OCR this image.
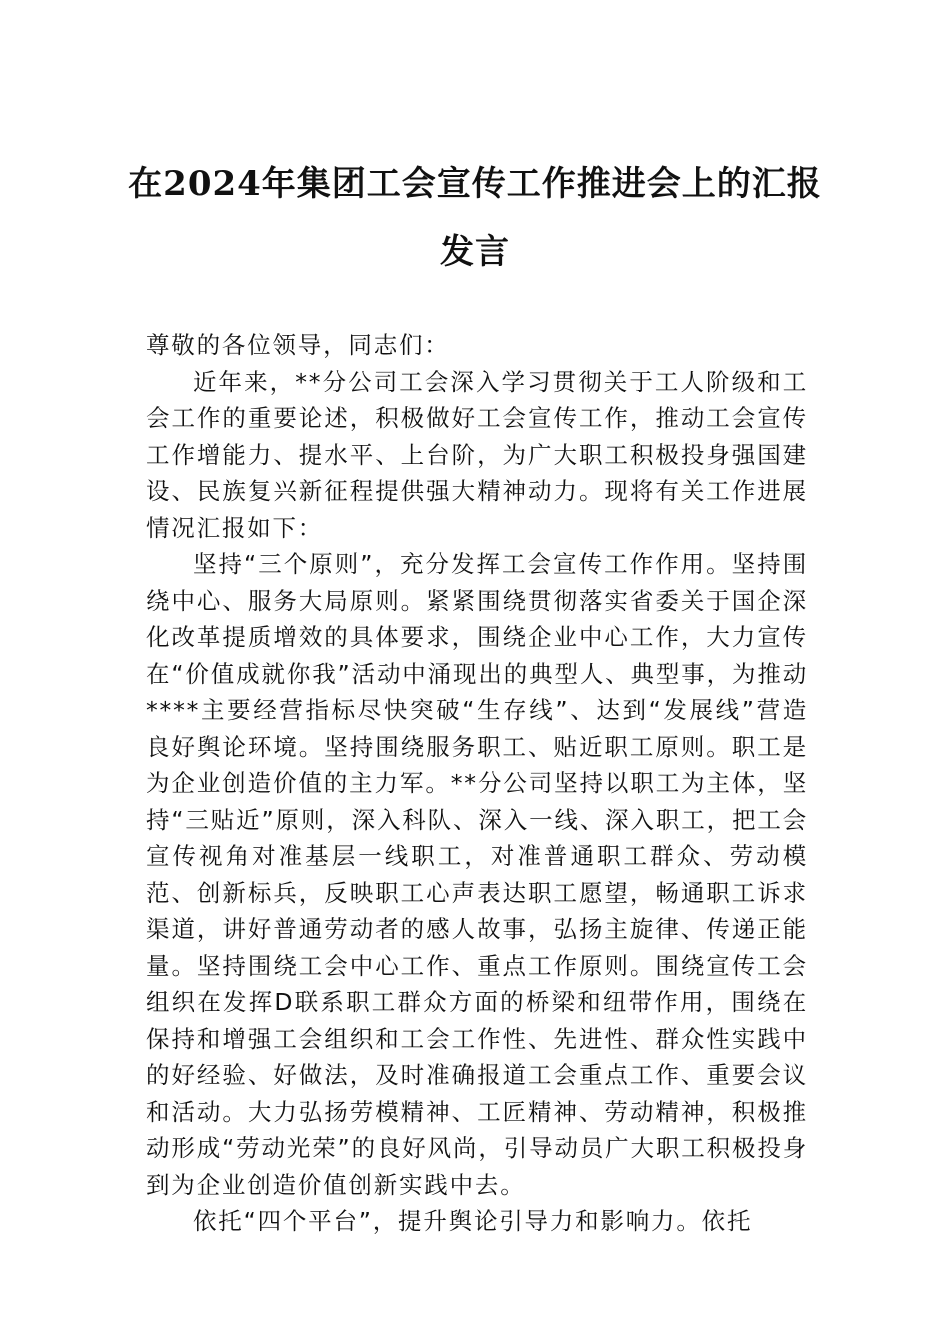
在2024年集团工会宣传工作推进会上的汇报发言

尊敬的各位领导，同志们：

近年来，**分公司工会深入学习贯彻关于工人阶级和工会工作的重要论述，积极做好工会宣传工作，推动工会宣传工作增能力、提水平、上台阶，为广大职工积极投身强国建设、民族复兴新征程提供强大精神动力。现将有关工作进展情况汇报如下：

坚持“三个原则”，充分发挥工会宣传工作作用。坚持围绕中心、服务大局原则。紧紧围绕贯彻落实省委关于国企深化改革提质增效的具体要求，围绕企业中心工作，大力宣传在“价值成就你我”活动中涌现出的典型人、典型事，为推动****主要经营指标尽快突破“生存线”、达到“发展线”营造良好舆论环境。坚持围绕服务职工、贴近职工原则。职工是为企业创造价值的主力军。**分公司坚持以职工为主体，坚持“三贴近”原则，深入科队、深入一线、深入职工，把工会宣传视角对准基层一线职工，对准普通职工群众、劳动模范、创新标兵，反映职工心声表达职工愿望，畅通职工诉求渠道，讲好普通劳动者的感人故事，弘扬主旋律、传递正能量。坚持围绕工会中心工作、重点工作原则。围绕宣传工会组织在发挥D联系职工群众方面的桥梁和纽带作用，围绕在保持和增强工会组织和工会工作性、先进性、群众性实践中的好经验、好做法，及时准确报道工会重点工作、重要会议和活动。大力弘扬劳模精神、工匠精神、劳动精神，积极推动形成“劳动光荣”的良好风尚，引导动员广大职工积极投身到为企业创造价值创新实践中去。

依托“四个平台”，提升舆论引导力和影响力。依托
